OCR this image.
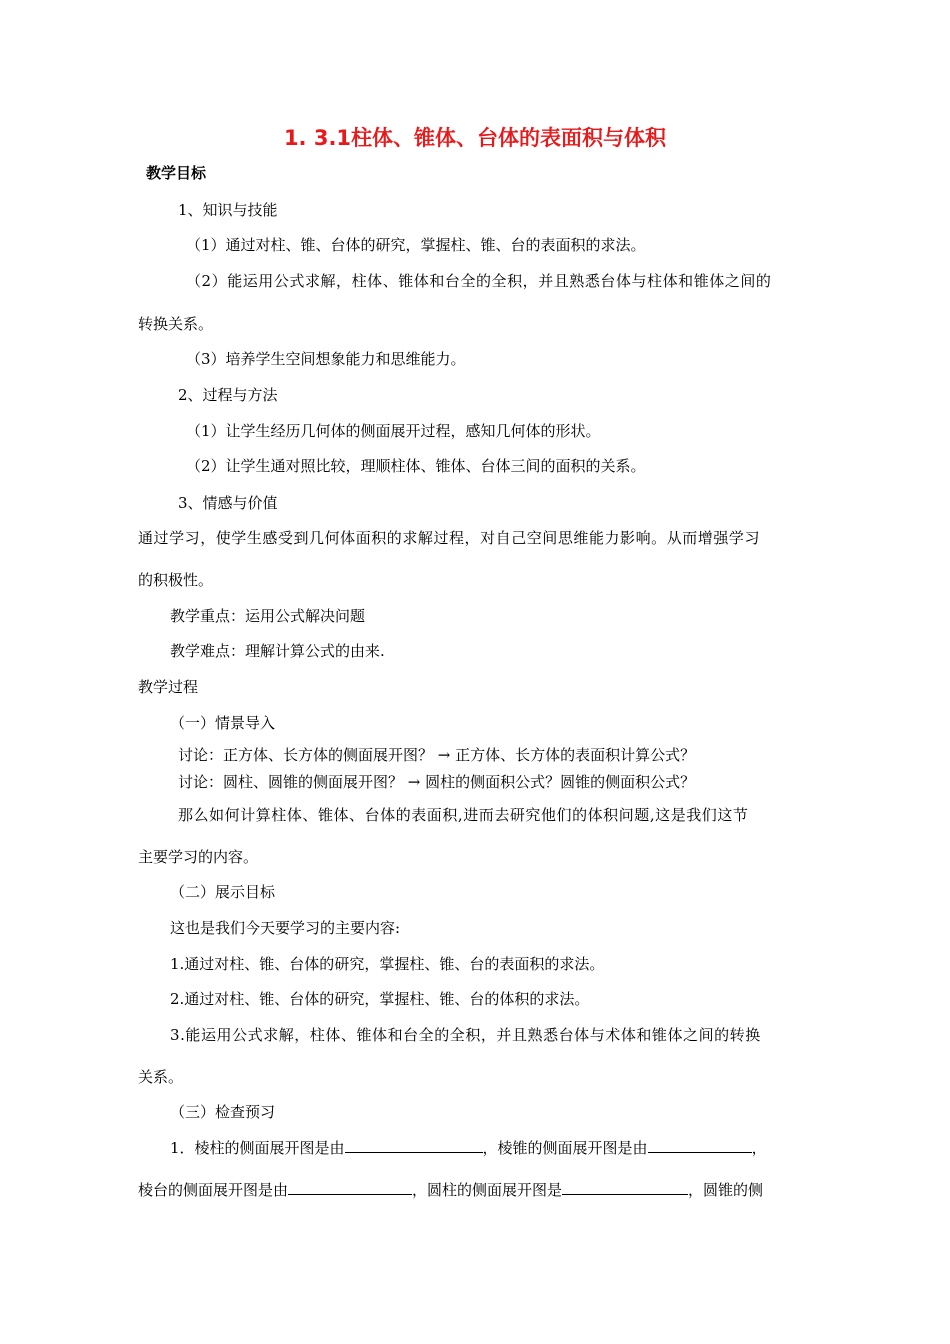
1. 3.1柱体、锥体、台体的表面积与体积
教学目标
1、知识与技能
（1）通过对柱、锥、台体的研究，掌握柱、锥、台的表面积的求法。
（2）能运用公式求解，柱体、锥体和台全的全积，并且熟悉台体与柱体和锥体之间的
转换关系。
（3）培养学生空间想象能力和思维能力。
2、过程与方法
（1）让学生经历几何体的侧面展开过程，感知几何体的形状。
（2）让学生通对照比较，理顺柱体、锥体、台体三间的面积的关系。
3、情感与价值
通过学习，使学生感受到几何体面积的求解过程，对自己空间思维能力影响。从而增强学习
的积极性。
教学重点：运用公式解决问题
教学难点：理解计算公式的由来.
教学过程
（一）情景导入
讨论：正方体、长方体的侧面展开图？ → 正方体、长方体的表面积计算公式？
讨论：圆柱、圆锥的侧面展开图？ → 圆柱的侧面积公式？圆锥的侧面积公式？
那么如何计算柱体、锥体、台体的表面积,进而去研究他们的体积问题,这是我们这节
主要学习的内容。
（二）展示目标
这也是我们今天要学习的主要内容:
1.通过对柱、锥、台体的研究，掌握柱、锥、台的表面积的求法。
2.通过对柱、锥、台体的研究，掌握柱、锥、台的体积的求法。
3.能运用公式求解，柱体、锥体和台全的全积，并且熟悉台体与术体和锥体之间的转换
关系。
（三）检查预习
1．棱柱的侧面展开图是由	，棱锥的侧面展开图是由	，
棱台的侧面展开图是由	，圆柱的侧面展开图是	，圆锥的侧
